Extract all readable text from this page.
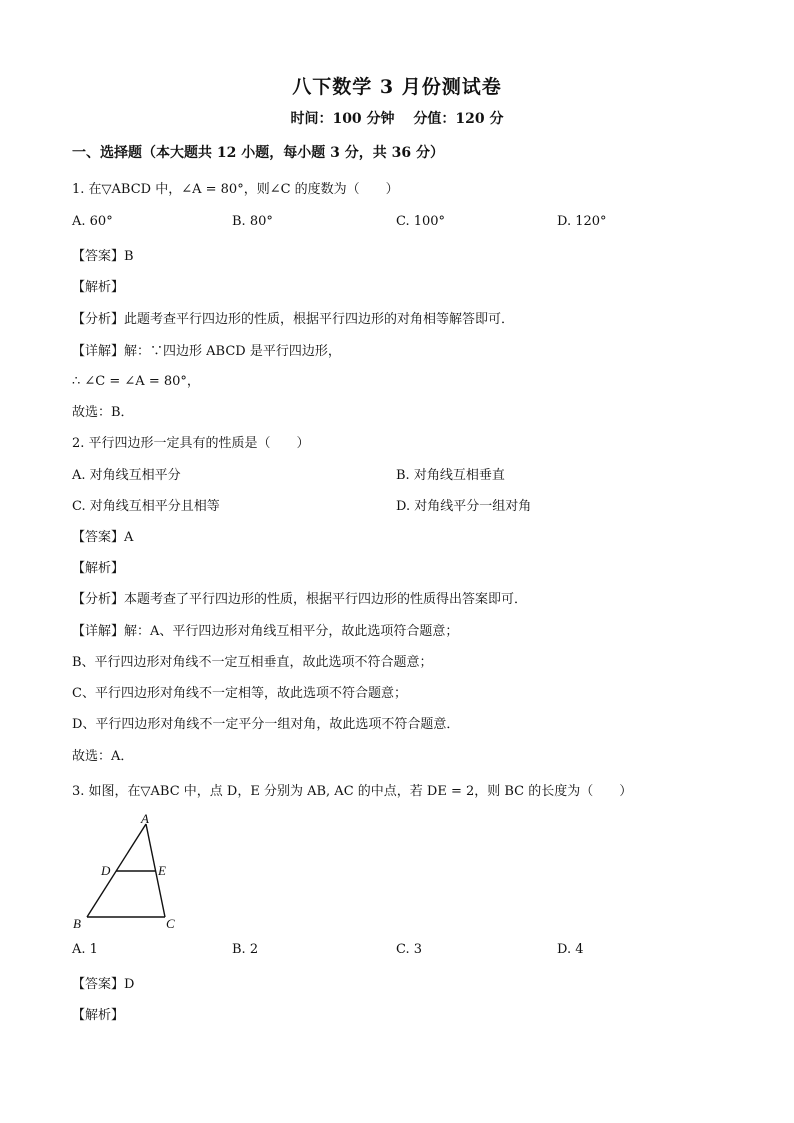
八下数学 3 月份测试卷
时间：100 分钟　 分值：120 分
一、选择题（本大题共 12 小题，每小题 3 分，共 36 分）
1. 在▽ABCD 中，∠A = 80°，则∠C 的度数为（　　）
A. 60°	B. 80°	C. 100°	D. 120°
【答案】B
【解析】
【分析】此题考查平行四边形的性质，根据平行四边形的对角相等解答即可．
【详解】解：∵四边形 ABCD 是平行四边形，
∴ ∠C = ∠A = 80°，
故选：B．
2. 平行四边形一定具有的性质是（　　）
A. 对角线互相平分	B. 对角线互相垂直
C. 对角线互相平分且相等	D. 对角线平分一组对角
【答案】A
【解析】
【分析】本题考查了平行四边形的性质，根据平行四边形的性质得出答案即可．
【详解】解：A、平行四边形对角线互相平分，故此选项符合题意；
B、平行四边形对角线不一定互相垂直，故此选项不符合题意；
C、平行四边形对角线不一定相等，故此选项不符合题意；
D、平行四边形对角线不一定平分一组对角，故此选项不符合题意．
故选：A．
3. 如图，在▽ABC 中，点 D，E 分别为 AB, AC 的中点，若 DE = 2，则 BC 的长度为（　　）
A
B	C
D	E
A. 1	B. 2	C. 3	D. 4
【答案】D
【解析】
